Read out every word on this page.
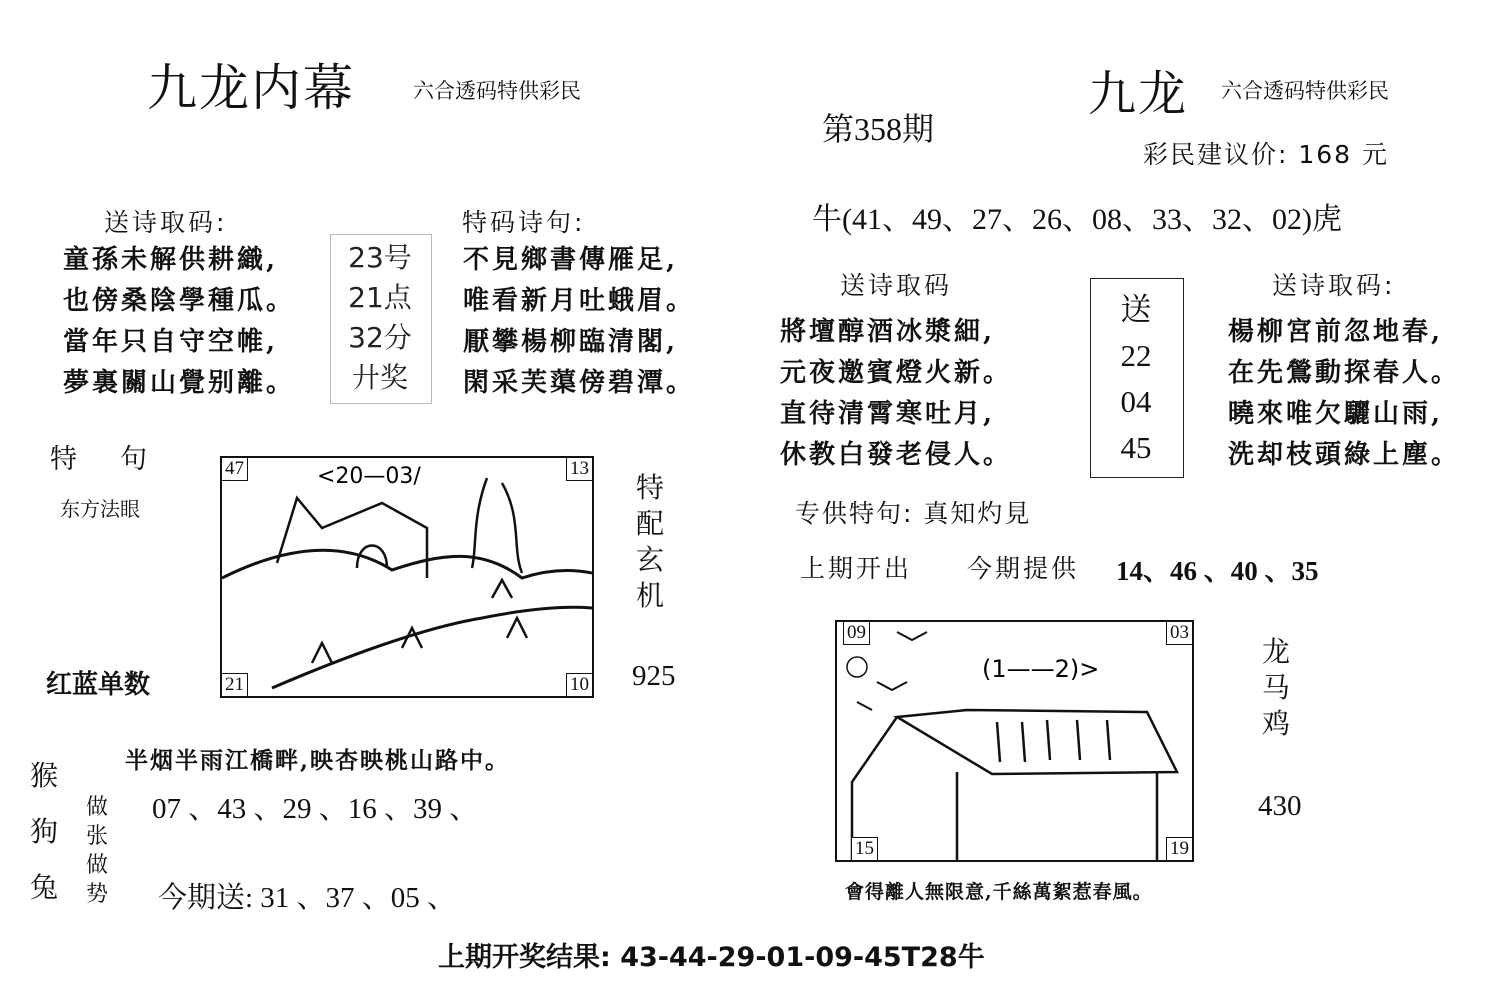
九龙内幕	六合透码特供彩民
送诗取码:
童孫未解供耕織,
也傍桑陰學種瓜。
當年只自守空帷,
夢裏關山覺别離。
23号
21点
32分
廾奖
特码诗句:
不見鄉書傳雁足,
唯看新月吐蛾眉。
厭攀楊柳臨清閣,
閑采芙蕖傍碧潭。
特　句
东方法眼
红蓝单数
<20—03/
47	13
21	10
特
配
玄
机
925
猴
狗
兔
半烟半雨江橋畔,映杏映桃山路中。
做
张
做
势
07 、43 、29 、16 、39 、
今期送: 31 、37 、05 、
第358期
九龙 六合透码特供彩民
彩民建议价: 168 元
牛(41、49、27、26、08、33、32、02)虎
送诗取码	送诗取码:
將壇醇酒冰漿細,
元夜邀賓燈火新。
直待清霄寒吐月,
休教白發老侵人。
送
22
04
45
楊柳宮前忽地春,
在先鶯動探春人。
曉來唯欠驪山雨,
洗却枝頭綠上塵。
专供特句: 真知灼見
上期开出 今期提供 14、46 、40 、35
(1——2)>
09	03
15	19
龙
马
鸡
430
會得離人無限意,千絲萬絮惹春風。
上期开奖结果: 43-44-29-01-09-45T28牛
